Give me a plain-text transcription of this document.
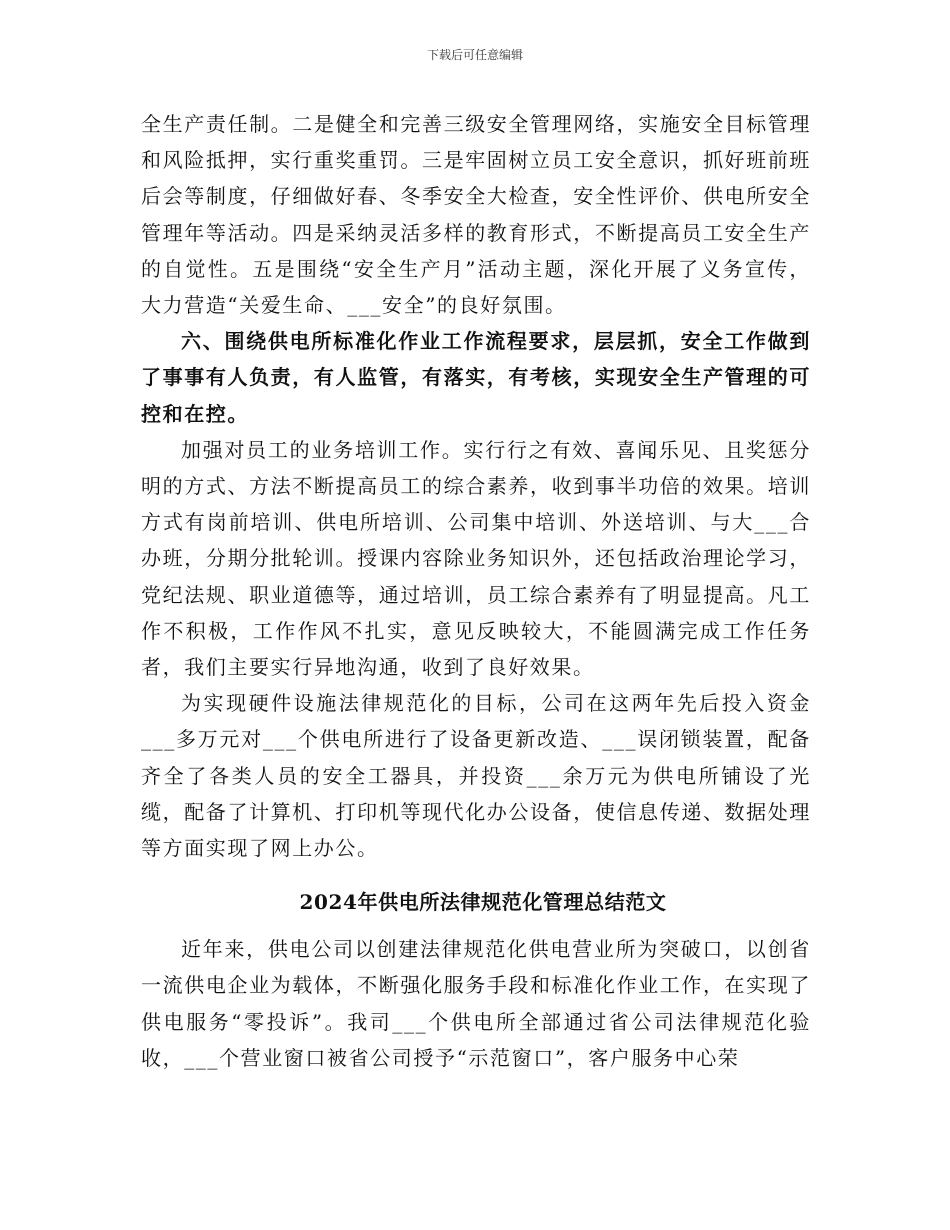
下载后可任意编辑

全生产责任制。二是健全和完善三级安全管理网络，实施安全目标管理和风险抵押，实行重奖重罚。三是牢固树立员工安全意识，抓好班前班后会等制度，仔细做好春、冬季安全大检查，安全性评价、供电所安全管理年等活动。四是采纳灵活多样的教育形式，不断提高员工安全生产的自觉性。五是围绕“安全生产月”活动主题，深化开展了义务宣传，大力营造“关爱生命、___安全”的良好氛围。

六、围绕供电所标准化作业工作流程要求，层层抓，安全工作做到了事事有人负责，有人监管，有落实，有考核，实现安全生产管理的可控和在控。

加强对员工的业务培训工作。实行行之有效、喜闻乐见、且奖惩分明的方式、方法不断提高员工的综合素养，收到事半功倍的效果。培训方式有岗前培训、供电所培训、公司集中培训、外送培训、与大___合办班，分期分批轮训。授课内容除业务知识外，还包括政治理论学习，党纪法规、职业道德等，通过培训，员工综合素养有了明显提高。凡工作不积极，工作作风不扎实，意见反映较大，不能圆满完成工作任务者，我们主要实行异地沟通，收到了良好效果。

为实现硬件设施法律规范化的目标，公司在这两年先后投入资金___多万元对___个供电所进行了设备更新改造、___误闭锁装置，配备齐全了各类人员的安全工器具，并投资___余万元为供电所铺设了光缆，配备了计算机、打印机等现代化办公设备，使信息传递、数据处理等方面实现了网上办公。

2024年供电所法律规范化管理总结范文

近年来，供电公司以创建法律规范化供电营业所为突破口，以创省一流供电企业为载体，不断强化服务手段和标准化作业工作，在实现了供电服务“零投诉”。我司___个供电所全部通过省公司法律规范化验收，___个营业窗口被省公司授予“示范窗口”，客户服务中心荣
